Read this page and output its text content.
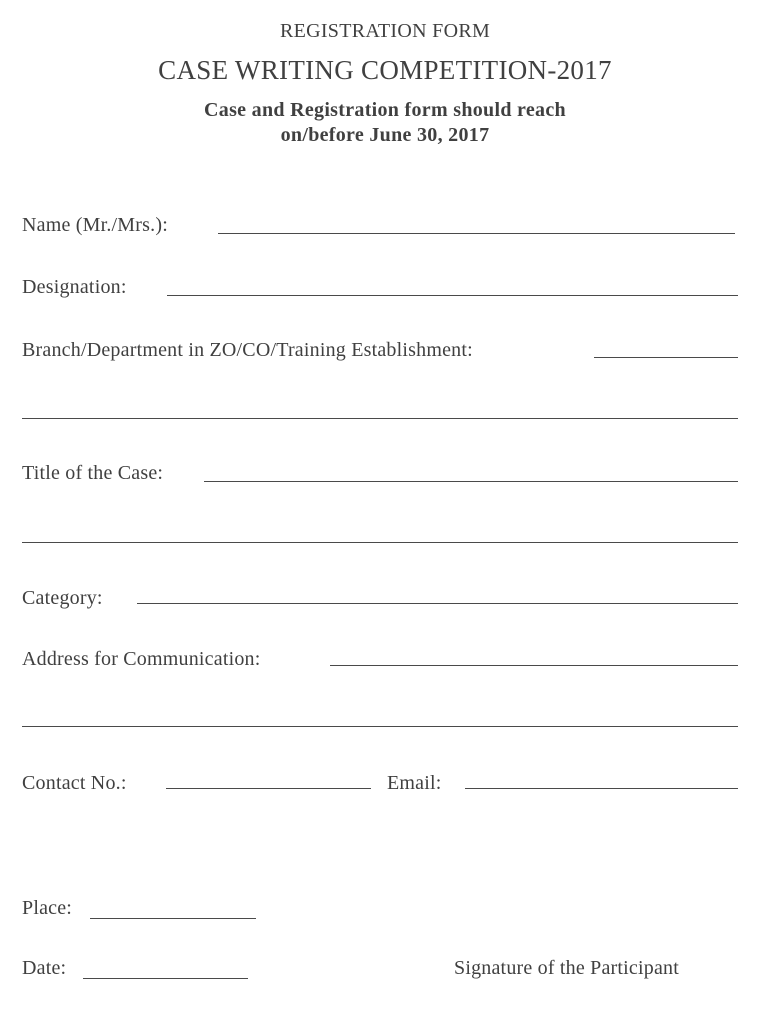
REGISTRATION FORM
CASE WRITING COMPETITION-2017
Case and Registration form should reach
on/before June 30, 2017
Name (Mr./Mrs.):
Designation:
Branch/Department in ZO/CO/Training Establishment:
Title of the Case:
Category:
Address for Communication:
Contact No.:	Email:
Place:
Date:	Signature of the Participant
